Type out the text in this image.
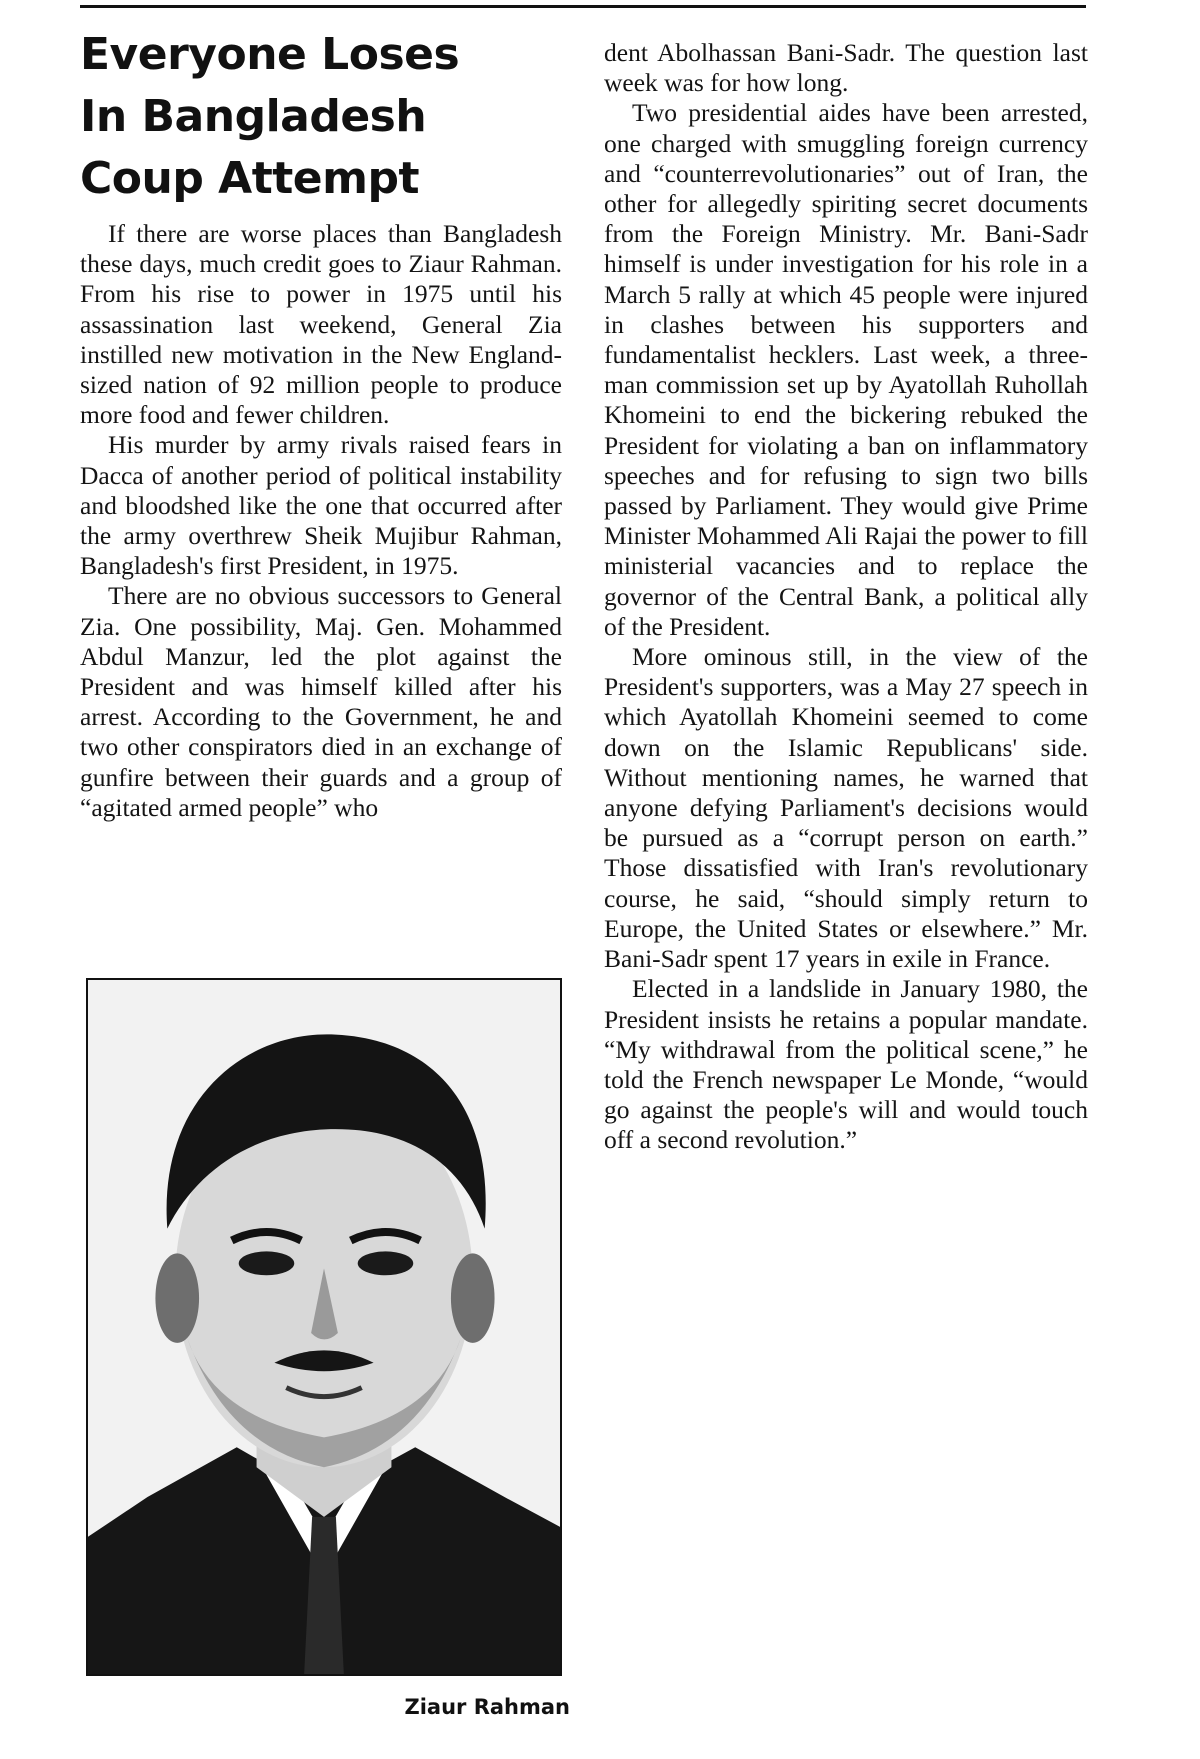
Everyone Loses
In Bangladesh
Coup Attempt

If there are worse places than Bangladesh these days, much credit goes to Ziaur Rahman. From his rise to power in 1975 until his assassination last weekend, General Zia instilled new motivation in the New England-sized nation of 92 million people to produce more food and fewer children.

His murder by army rivals raised fears in Dacca of another period of political instability and bloodshed like the one that occurred after the army overthrew Sheik Mujibur Rahman, Bangladesh's first President, in 1975.

There are no obvious successors to General Zia. One possibility, Maj. Gen. Mohammed Abdul Manzur, led the plot against the President and was himself killed after his arrest. According to the Government, he and two other conspirators died in an exchange of gunfire between their guards and a group of “agitated armed people” who

Ziaur Rahman

dent Abolhassan Bani-Sadr. The question last week was for how long.

Two presidential aides have been arrested, one charged with smuggling foreign currency and “counterrevolutionaries” out of Iran, the other for allegedly spiriting secret documents from the Foreign Ministry. Mr. Bani-Sadr himself is under investigation for his role in a March 5 rally at which 45 people were injured in clashes between his supporters and fundamentalist hecklers. Last week, a three-man commission set up by Ayatollah Ruhollah Khomeini to end the bickering rebuked the President for violating a ban on inflammatory speeches and for refusing to sign two bills passed by Parliament. They would give Prime Minister Mohammed Ali Rajai the power to fill ministerial vacancies and to replace the governor of the Central Bank, a political ally of the President.

More ominous still, in the view of the President's supporters, was a May 27 speech in which Ayatollah Khomeini seemed to come down on the Islamic Republicans' side. Without mentioning names, he warned that anyone defying Parliament's decisions would be pursued as a “corrupt person on earth.” Those dissatisfied with Iran's revolutionary course, he said, “should simply return to Europe, the United States or elsewhere.” Mr. Bani-Sadr spent 17 years in exile in France.

Elected in a landslide in January 1980, the President insists he retains a popular mandate. “My withdrawal from the political scene,” he told the French newspaper Le Monde, “would go against the people's will and would touch off a second revolution.”
